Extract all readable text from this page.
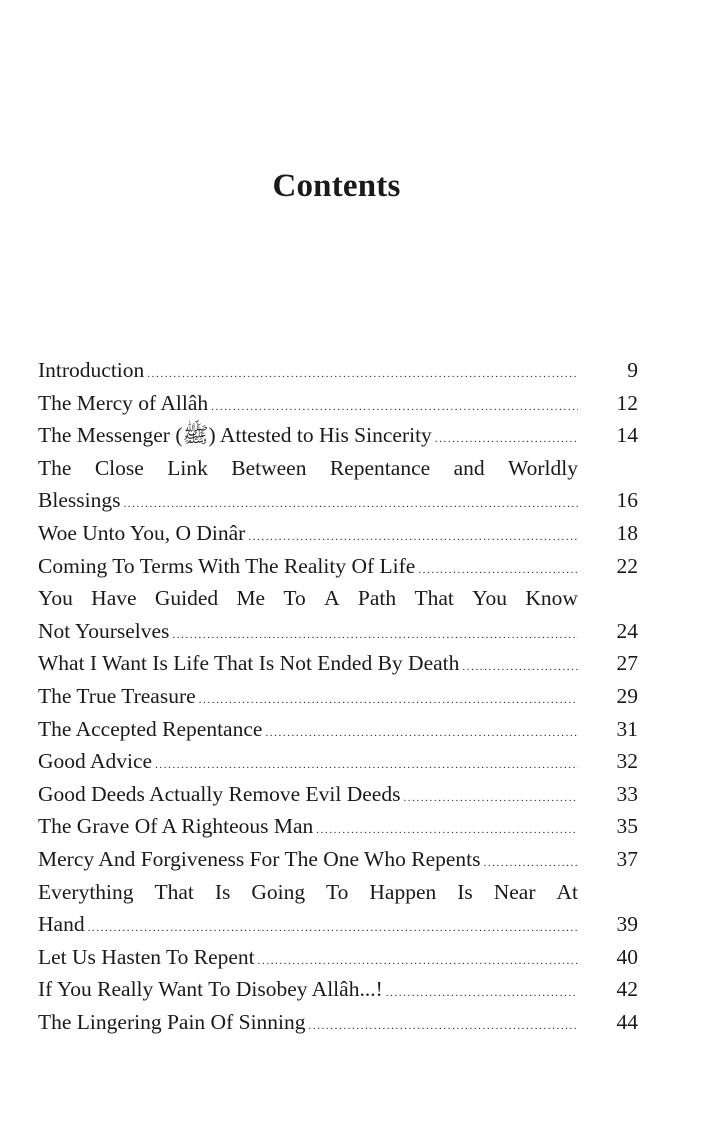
Contents
Introduction .....	9
The Mercy of Allâh .....	12
The Messenger (ﷺ) Attested to His Sincerity .....	14
The Close Link Between Repentance and Worldly
Blessings .....	16
Woe Unto You, O Dinâr .....	18
Coming To Terms With The Reality Of Life .....	22
You Have Guided Me To A Path That You Know
Not Yourselves .....	24
What I Want Is Life That Is Not Ended By Death .....	27
The True Treasure .....	29
The Accepted Repentance .....	31
Good Advice .....	32
Good Deeds Actually Remove Evil Deeds .....	33
The Grave Of A Righteous Man .....	35
Mercy And Forgiveness For The One Who Repents .....	37
Everything That Is Going To Happen Is Near At
Hand .....	39
Let Us Hasten To Repent .....	40
If You Really Want To Disobey Allâh...! .....	42
The Lingering Pain Of Sinning .....	44
